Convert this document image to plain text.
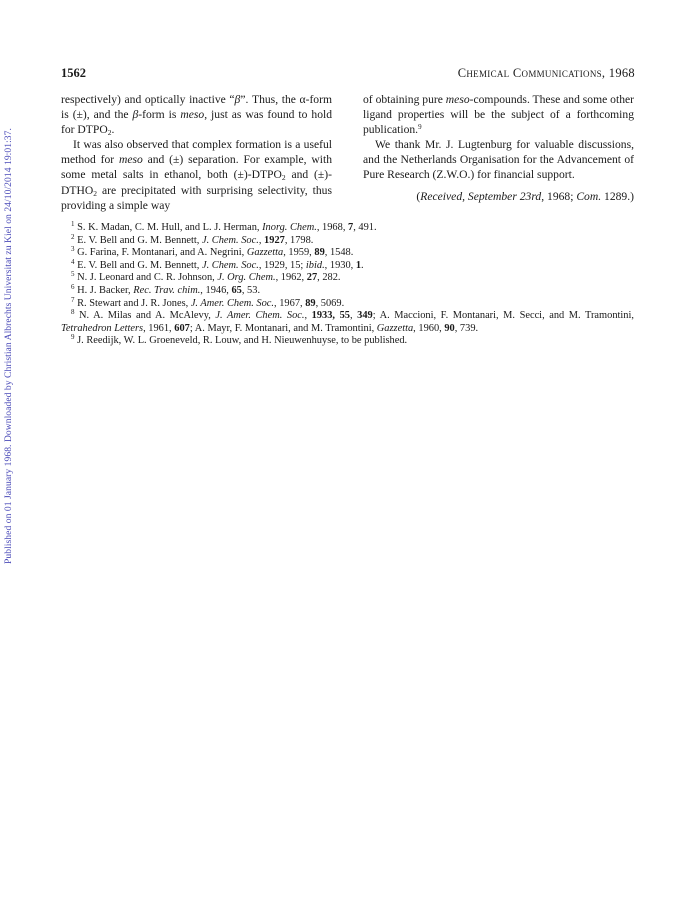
Published on 01 January 1968. Downloaded by Christian Albrechts Universitat zu Kiel on 24/10/2014 19:01:37.
1562	Chemical Communications, 1968

respectively) and optically inactive “β”. Thus, the α-form is (±), and the β-form is meso, just as was found to hold for $DTPO_2$.

It was also observed that complex formation is a useful method for meso and (±) separation. For example, with some metal salts in ethanol, both $(\pm)-DTPO_2$ and $(\pm)-DTHO_2$ are precipitated with surprising selectivity, thus providing a simple way

of obtaining pure meso-compounds. These and some other ligand properties will be the subject of a forthcoming publication.$^9$

We thank Mr. J. Lugtenburg for valuable discussions, and the Netherlands Organisation for the Advancement of Pure Research (Z.W.O.) for financial support.

(Received, September 23rd, 1968; Com. 1289.)

$^1$ S. K. Madan, C. M. Hull, and L. J. Herman, Inorg. Chem., 1968, 7, 491.

$^2$ E. V. Bell and G. M. Bennett, J. Chem. Soc., 1927, 1798.

$^3$ G. Farina, F. Montanari, and A. Negrini, Gazzetta, 1959, 89, 1548.

$^4$ E. V. Bell and G. M. Bennett, J. Chem. Soc., 1929, 15; ibid., 1930, 1.

$^5$ N. J. Leonard and C. R. Johnson, J. Org. Chem., 1962, 27, 282.

$^6$ H. J. Backer, Rec. Trav. chim., 1946, 65, 53.

$^7$ R. Stewart and J. R. Jones, J. Amer. Chem. Soc., 1967, 89, 5069.

$^8$ N. A. Milas and A. McAlevy, J. Amer. Chem. Soc., 1933, 55, 349; A. Maccioni, F. Montanari, M. Secci, and M. Tramontini, Tetrahedron Letters, 1961, 607; A. Mayr, F. Montanari, and M. Tramontini, Gazzetta, 1960, 90, 739.

$^9$ J. Reedijk, W. L. Groeneveld, R. Louw, and H. Nieuwenhuyse, to be published.
